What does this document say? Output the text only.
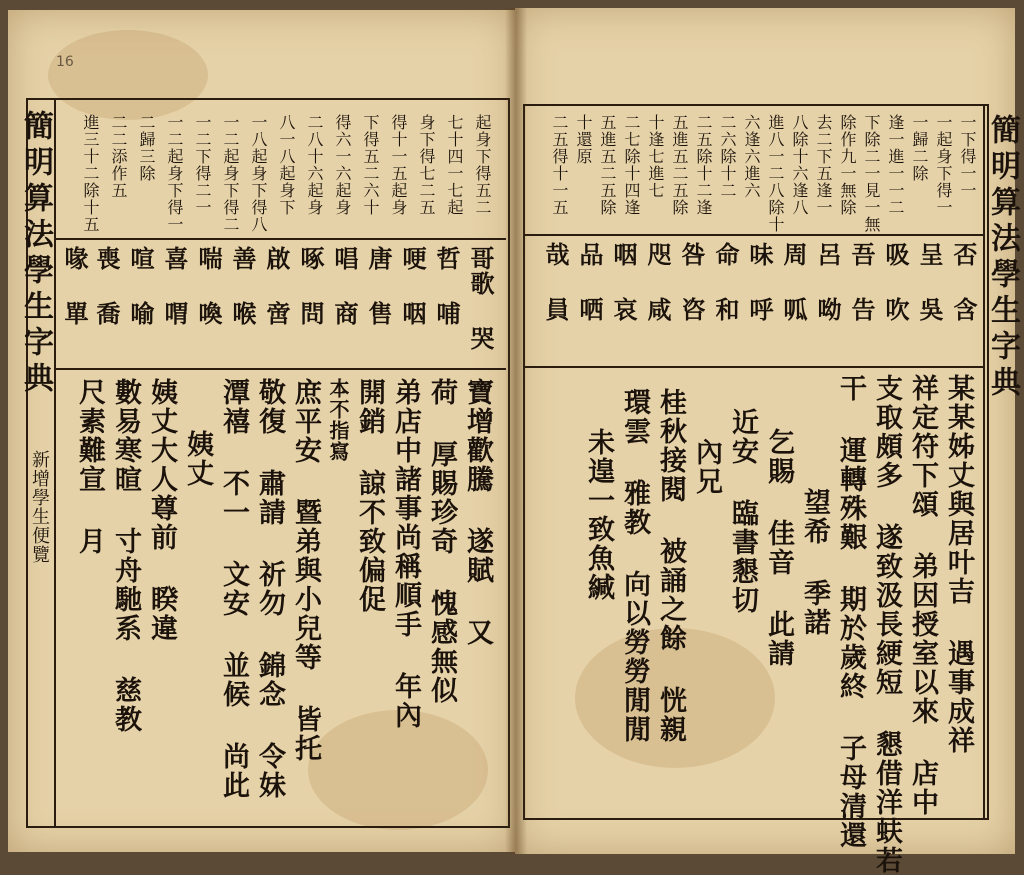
16
簡明算法學生字典
新增學生便覽
起身下得五二
七十四一七起
身下得七二五
得十一五起身
下得五二六十
得六一六起身
二八十六起身
八一八起身下
一八起身下得八
一二起身下得二
一二下得二一
一二起身下得一
二歸三除
二二添作五
進三十二除十五
哥歌 哭
哲 哺
哽 咽
唐 售
唱 商
啄 問
啟 啻
善 喉
喘 喚
喜 喟
喧 喻
喪 喬
喙 單
寶增歡騰 遂賦 又
荷 厚賜珍奇 愧感無似
弟店中諸事尚稱順手 年內
開銷 諒不致偏促
本不指寫
庶平安 暨弟與小兒等 皆托
敬復 肅請 祈勿 錦念 令妹
潭禧 不一 文安 並候 尚此
姨丈
姨丈大人尊前 睽違
數易寒暄 寸舟馳系 慈教
尺素難宣 月
簡明算法學生字典
一下得一一
一起身下得一
一歸二除
逢一進一一二
下除二一見一無
除作九一無除
去二下五逢一
八除十六逢八
進八一二八除十
六逢六進六
二六除十二
二五除十二逢
五進五二五除
十逢七進七
二七除十四逢
五進五二五除
十還原
二五得十一五
否 含
呈 吳
吸 吹
吾 告
呂 呦
周 呱
味 呼
命 和
咎 咨
咫 咸
咽 哀
品 哂
哉 員
某某姊丈與居叶吉 遇事成祥
祥定符下頌 弟因授室以來 店中
支取頗多 遂致汲長綆短 懇借洋蚨若
干 運轉殊艱 期於歲終 子母清還
望希 季諾
乞賜 佳音 此請
近安 臨書懇切
內兄
桂秋接閱 被誦之餘 恍親
環雲 雅教 向以勞勞閒閒
未遑一致魚緘
